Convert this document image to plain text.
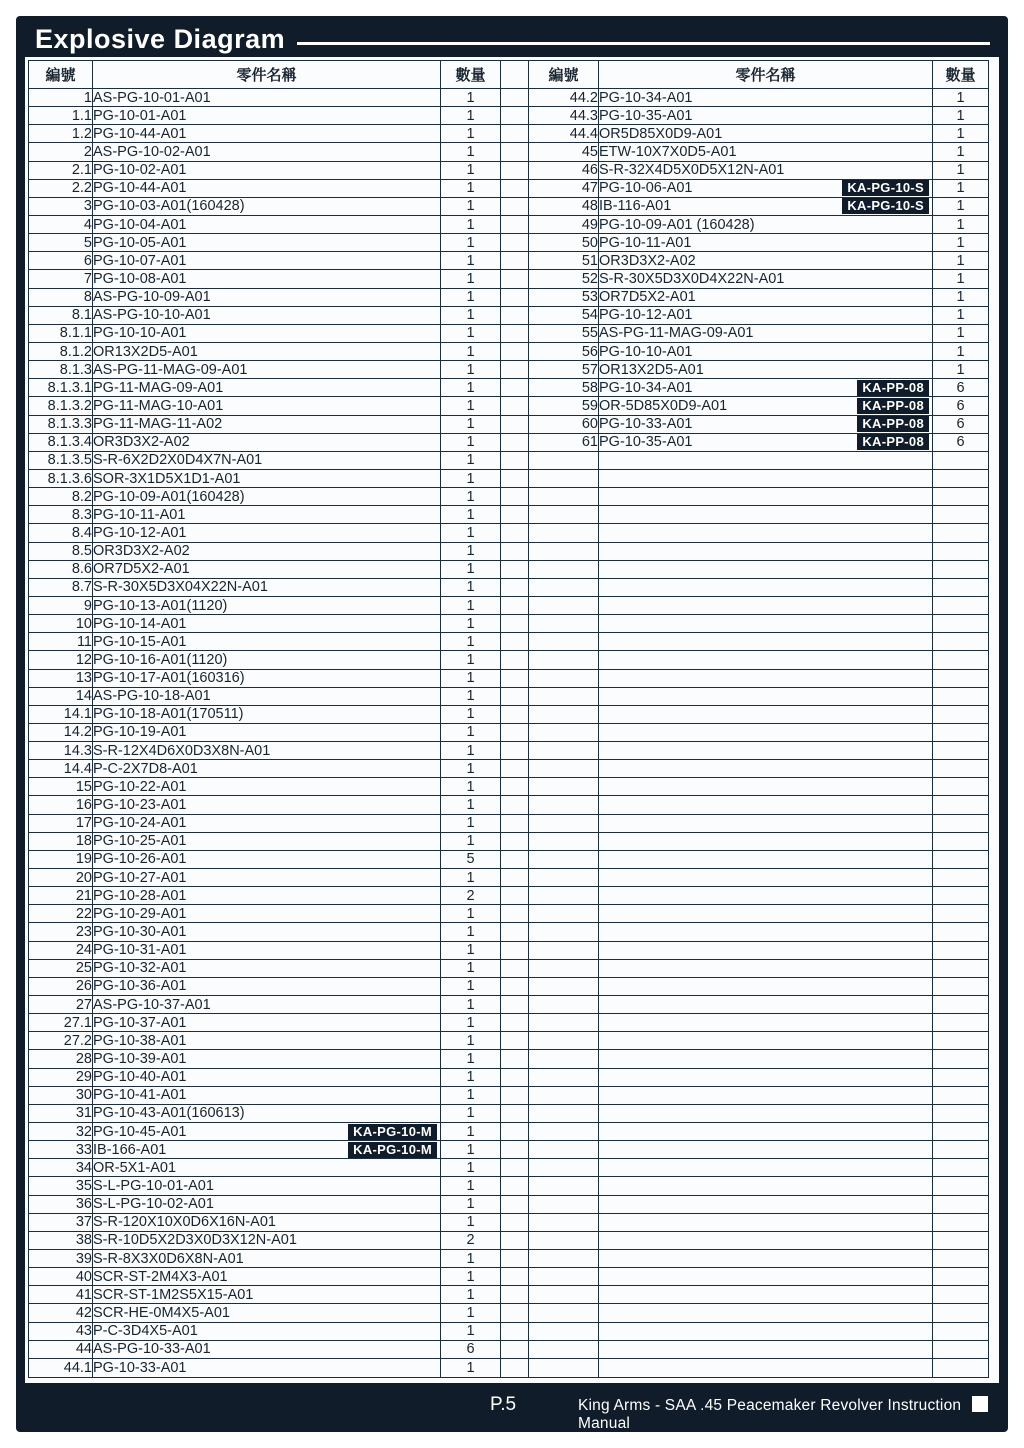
Explosive Diagram
編號	零件名稱	數量		編號	零件名稱	數量
1	AS-PG-10-01-A01	1		44.2	PG-10-34-A01	1
1.1	PG-10-01-A01	1		44.3	PG-10-35-A01	1
1.2	PG-10-44-A01	1		44.4	OR5D85X0D9-A01	1
2	AS-PG-10-02-A01	1		45	ETW-10X7X0D5-A01	1
2.1	PG-10-02-A01	1		46	S-R-32X4D5X0D5X12N-A01	1
2.2	PG-10-44-A01	1		47	PG-10-06-A01 KA-PG-10-S	1
3	PG-10-03-A01(160428)	1		48	IB-116-A01 KA-PG-10-S	1
4	PG-10-04-A01	1		49	PG-10-09-A01 (160428)	1
5	PG-10-05-A01	1		50	PG-10-11-A01	1
6	PG-10-07-A01	1		51	OR3D3X2-A02	1
7	PG-10-08-A01	1		52	S-R-30X5D3X0D4X22N-A01	1
8	AS-PG-10-09-A01	1		53	OR7D5X2-A01	1
8.1	AS-PG-10-10-A01	1		54	PG-10-12-A01	1
8.1.1	PG-10-10-A01	1		55	AS-PG-11-MAG-09-A01	1
8.1.2	OR13X2D5-A01	1		56	PG-10-10-A01	1
8.1.3	AS-PG-11-MAG-09-A01	1		57	OR13X2D5-A01	1
8.1.3.1	PG-11-MAG-09-A01	1		58	PG-10-34-A01 KA-PP-08	6
8.1.3.2	PG-11-MAG-10-A01	1		59	OR-5D85X0D9-A01 KA-PP-08	6
8.1.3.3	PG-11-MAG-11-A02	1		60	PG-10-33-A01 KA-PP-08	6
8.1.3.4	OR3D3X2-A02	1		61	PG-10-35-A01 KA-PP-08	6
8.1.3.5	S-R-6X2D2X0D4X7N-A01	1				
8.1.3.6	SOR-3X1D5X1D1-A01	1				
8.2	PG-10-09-A01(160428)	1				
8.3	PG-10-11-A01	1				
8.4	PG-10-12-A01	1				
8.5	OR3D3X2-A02	1				
8.6	OR7D5X2-A01	1				
8.7	S-R-30X5D3X04X22N-A01	1				
9	PG-10-13-A01(1120)	1				
10	PG-10-14-A01	1				
11	PG-10-15-A01	1				
12	PG-10-16-A01(1120)	1				
13	PG-10-17-A01(160316)	1				
14	AS-PG-10-18-A01	1				
14.1	PG-10-18-A01(170511)	1				
14.2	PG-10-19-A01	1				
14.3	S-R-12X4D6X0D3X8N-A01	1				
14.4	P-C-2X7D8-A01	1				
15	PG-10-22-A01	1				
16	PG-10-23-A01	1				
17	PG-10-24-A01	1				
18	PG-10-25-A01	1				
19	PG-10-26-A01	5				
20	PG-10-27-A01	1				
21	PG-10-28-A01	2				
22	PG-10-29-A01	1				
23	PG-10-30-A01	1				
24	PG-10-31-A01	1				
25	PG-10-32-A01	1				
26	PG-10-36-A01	1				
27	AS-PG-10-37-A01	1				
27.1	PG-10-37-A01	1				
27.2	PG-10-38-A01	1				
28	PG-10-39-A01	1				
29	PG-10-40-A01	1				
30	PG-10-41-A01	1				
31	PG-10-43-A01(160613)	1				
32	PG-10-45-A01 KA-PG-10-M	1				
33	IB-166-A01 KA-PG-10-M	1				
34	OR-5X1-A01	1				
35	S-L-PG-10-01-A01	1				
36	S-L-PG-10-02-A01	1				
37	S-R-120X10X0D6X16N-A01	1				
38	S-R-10D5X2D3X0D3X12N-A01	2				
39	S-R-8X3X0D6X8N-A01	1				
40	SCR-ST-2M4X3-A01	1				
41	SCR-ST-1M2S5X15-A01	1				
42	SCR-HE-0M4X5-A01	1				
43	P-C-3D4X5-A01	1				
44	AS-PG-10-33-A01	6				
44.1	PG-10-33-A01	1				
P.5	King Arms - SAA .45 Peacemaker Revolver Instruction Manual
